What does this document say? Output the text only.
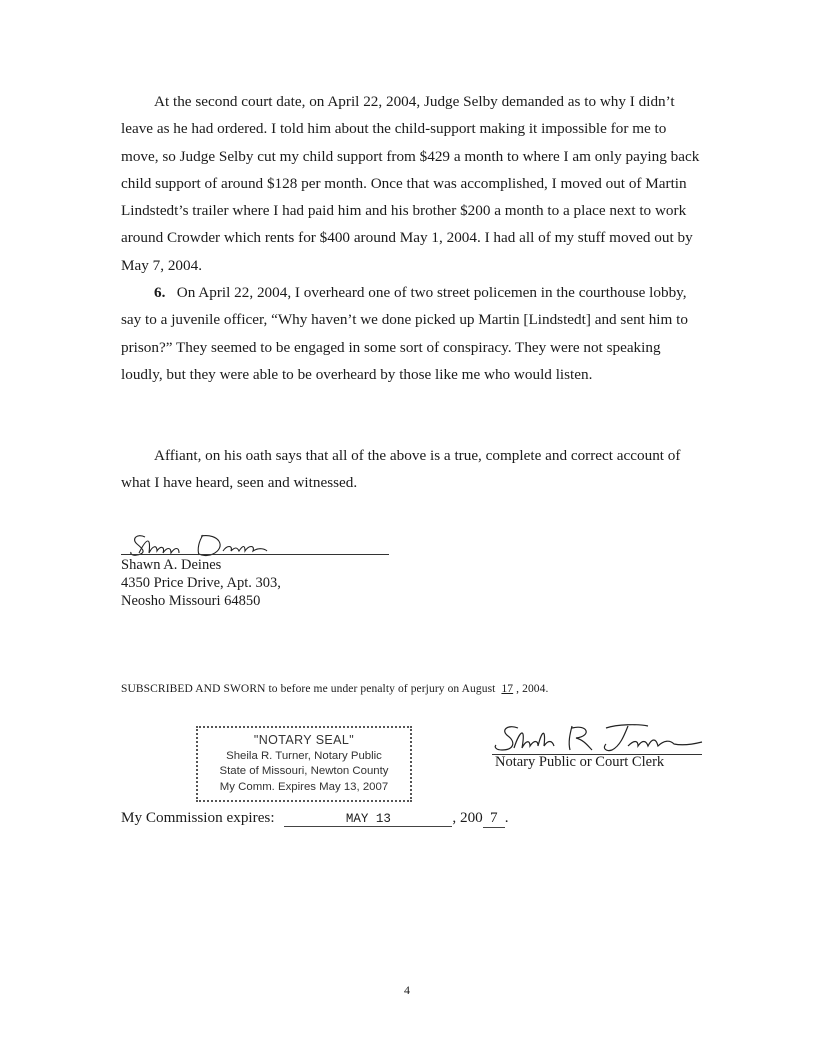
At the second court date, on April 22, 2004, Judge Selby demanded as to why I didn’t leave as he had ordered. I told him about the child-support making it impossible for me to move, so Judge Selby cut my child support from $429 a month to where I am only paying back child support of around $128 per month. Once that was accomplished, I moved out of Martin Lindstedt’s trailer where I had paid him and his brother $200 a month to a place next to work around Crowder which rents for $400 around May 1, 2004. I had all of my stuff moved out by May 7, 2004.

6. On April 22, 2004, I overheard one of two street policemen in the courthouse lobby, say to a juvenile officer, “Why haven’t we done picked up Martin [Lindstedt] and sent him to prison?” They seemed to be engaged in some sort of conspiracy. They were not speaking loudly, but they were able to be overheard by those like me who would listen.

Affiant, on his oath says that all of the above is a true, complete and correct account of what I have heard, seen and witnessed.

Shawn A. Deines
4350 Price Drive, Apt. 303,
Neosho Missouri 64850
SUBSCRIBED AND SWORN to before me under penalty of perjury on August 17 , 2004.
"NOTARY SEAL"
Sheila R. Turner, Notary Public
State of Missouri, Newton County
My Comm. Expires May 13, 2007
Notary Public or Court Clerk
My Commission expires:	MAY 13	, 200 7 .
4
